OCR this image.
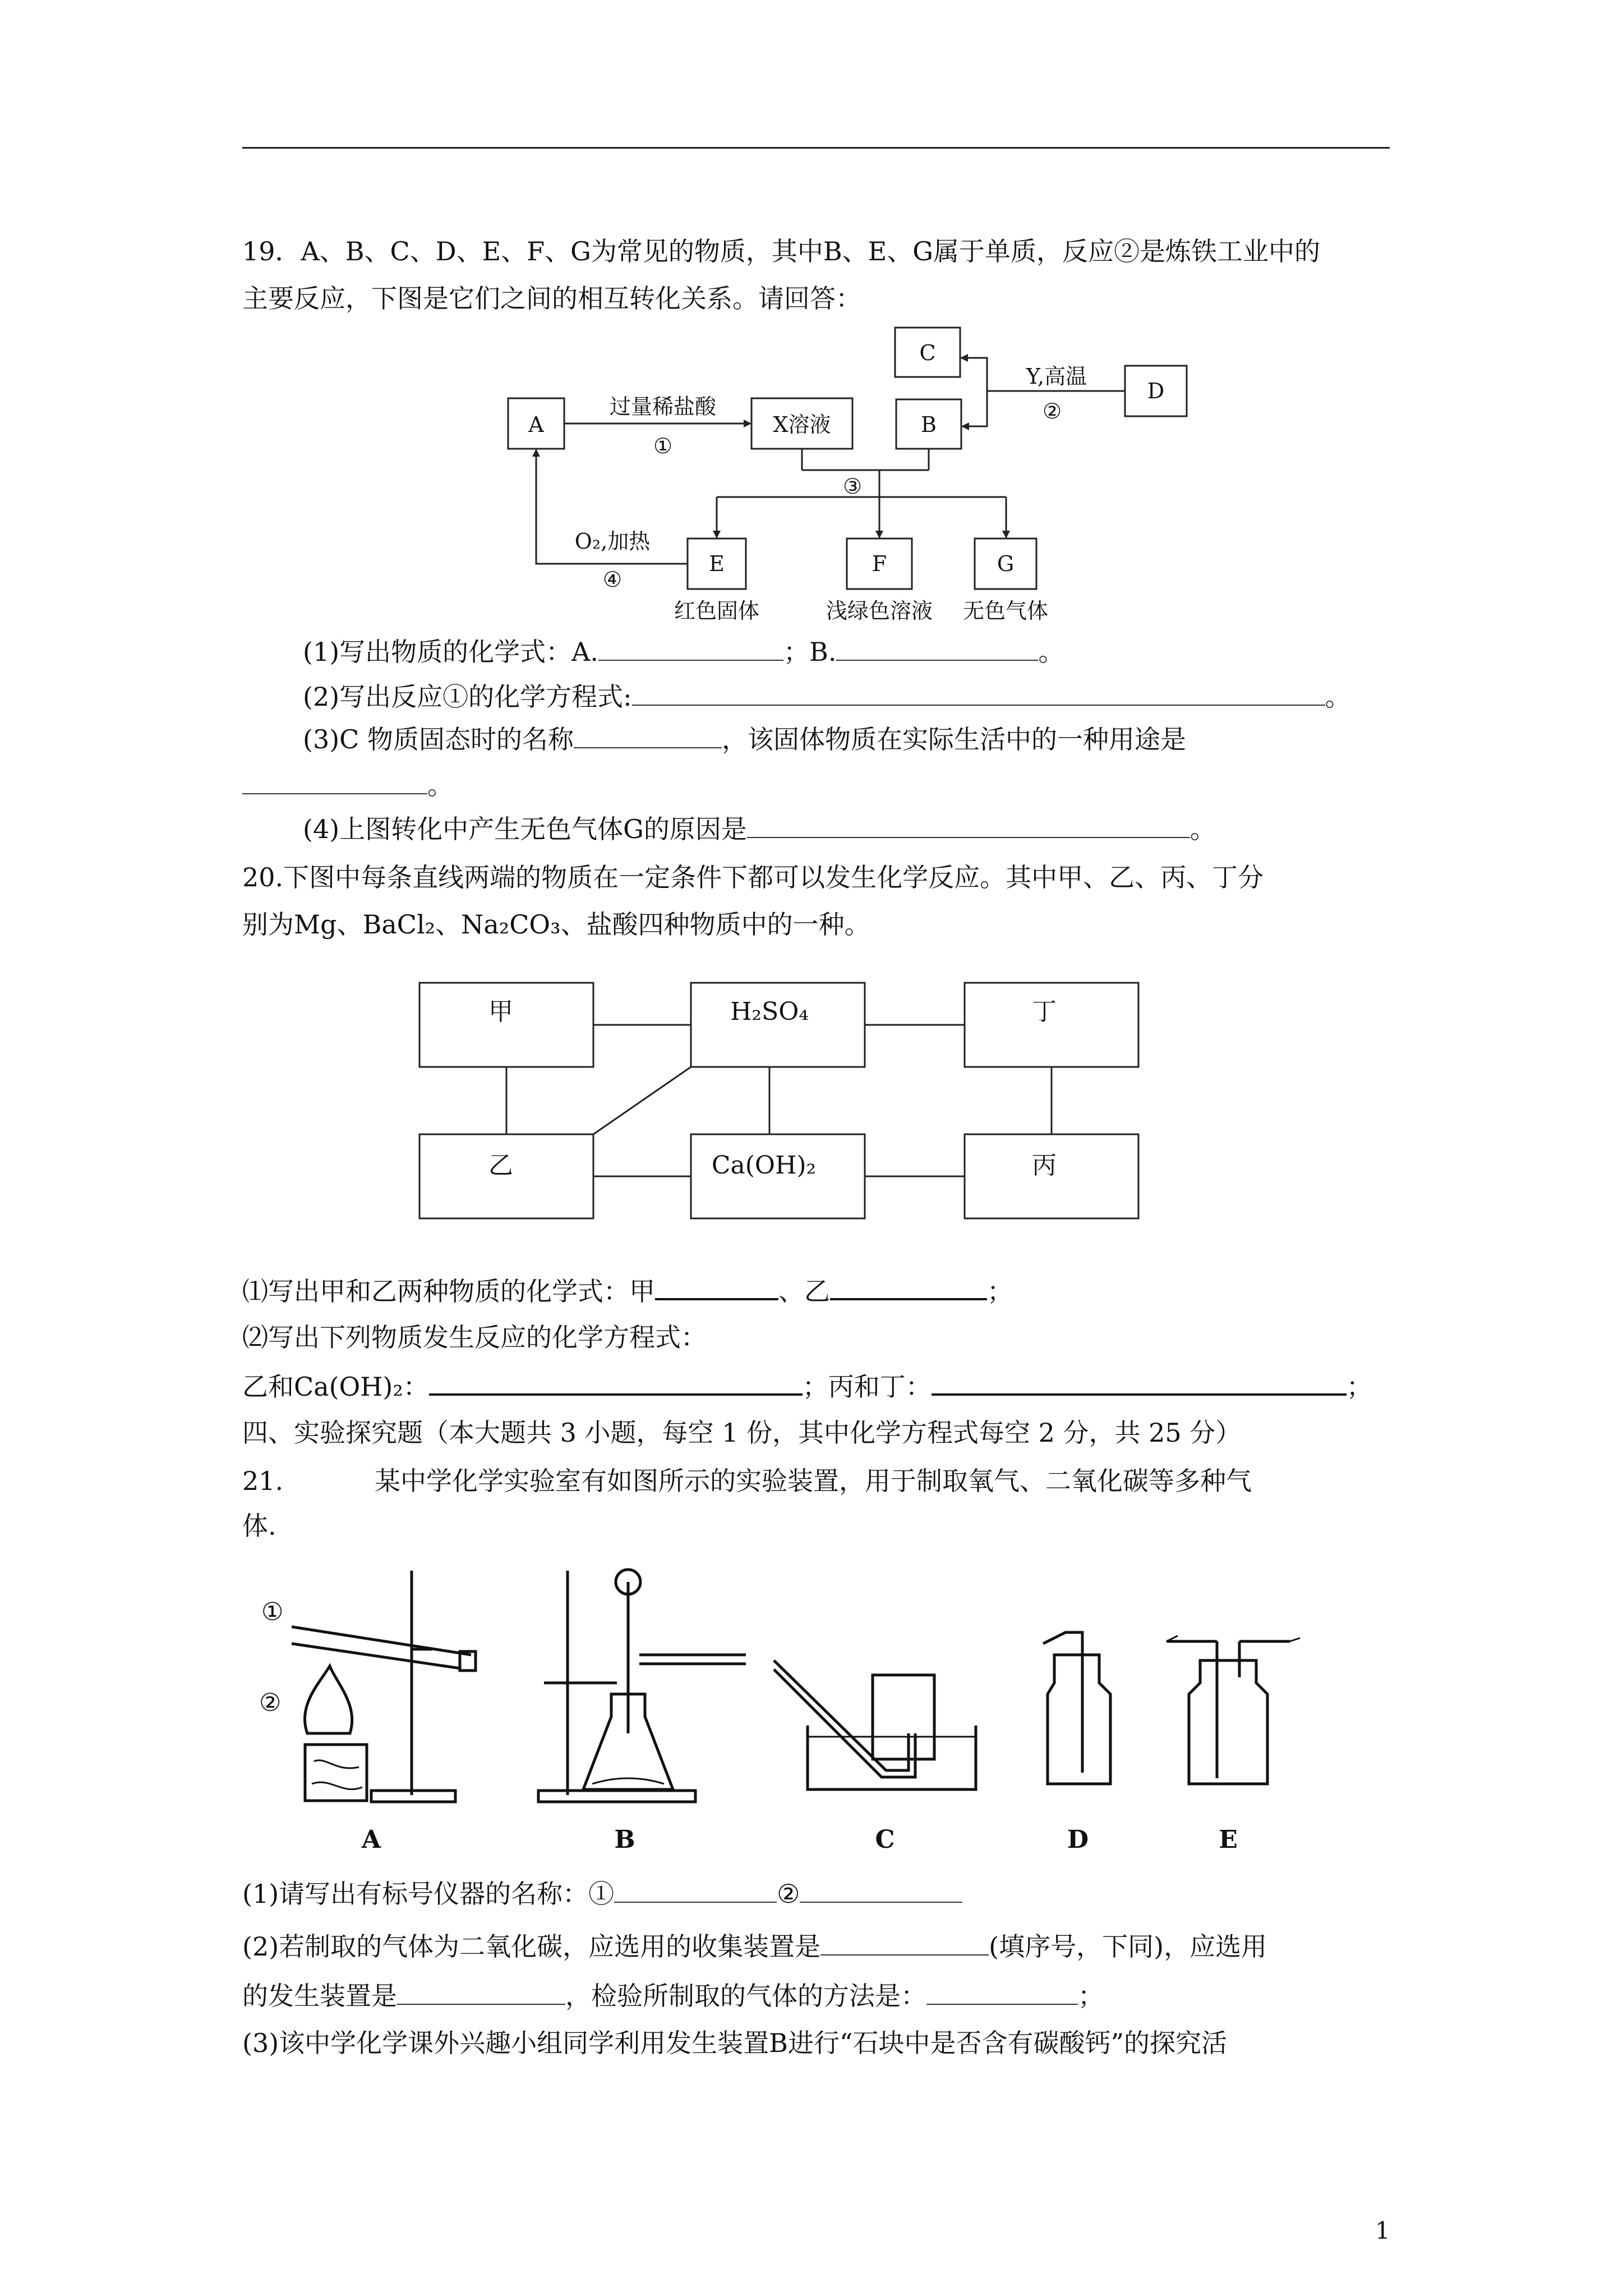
19．A、B、C、D、E、F、G为常见的物质，其中B、E、G属于单质，反应②是炼铁工业中的
主要反应，下图是它们之间的相互转化关系。请回答：
A	X溶液
C
B
D
E	F	G
过量稀盐酸
①
Y,高温
②
③
O₂,加热
④
红色固体	浅绿色溶液 无色气体
(1)写出物质的化学式：A.	；B.	。
(2)写出反应①的化学方程式:	。
(3)C 物质固态时的名称	，该固体物质在实际生活中的一种用途是
。
(4)上图转化中产生无色气体G的原因是	。
20.下图中每条直线两端的物质在一定条件下都可以发生化学反应。其中甲、乙、丙、丁分
别为Mg、BaCl₂、Na₂CO₃、盐酸四种物质中的一种。
甲	H₂SO₄	丁
乙	Ca(OH)₂	丙
⑴写出甲和乙两种物质的化学式：甲	、乙	；
⑵写出下列物质发生反应的化学方程式：
乙和Ca(OH)₂：	；丙和丁：	；
四、实验探究题（本大题共 3 小题，每空 1 份，其中化学方程式每空 2 分，共 25 分）
21.	某中学化学实验室有如图所示的实验装置，用于制取氧气、二氧化碳等多种气
体.
①
②
A	B	C	D	E
(1)请写出有标号仪器的名称：①	②
(2)若制取的气体为二氧化碳，应选用的收集装置是	(填序号，下同)，应选用
的发生装置是	，检验所制取的气体的方法是：	；
(3)该中学化学课外兴趣小组同学利用发生装置B进行“石块中是否含有碳酸钙”的探究活
1
